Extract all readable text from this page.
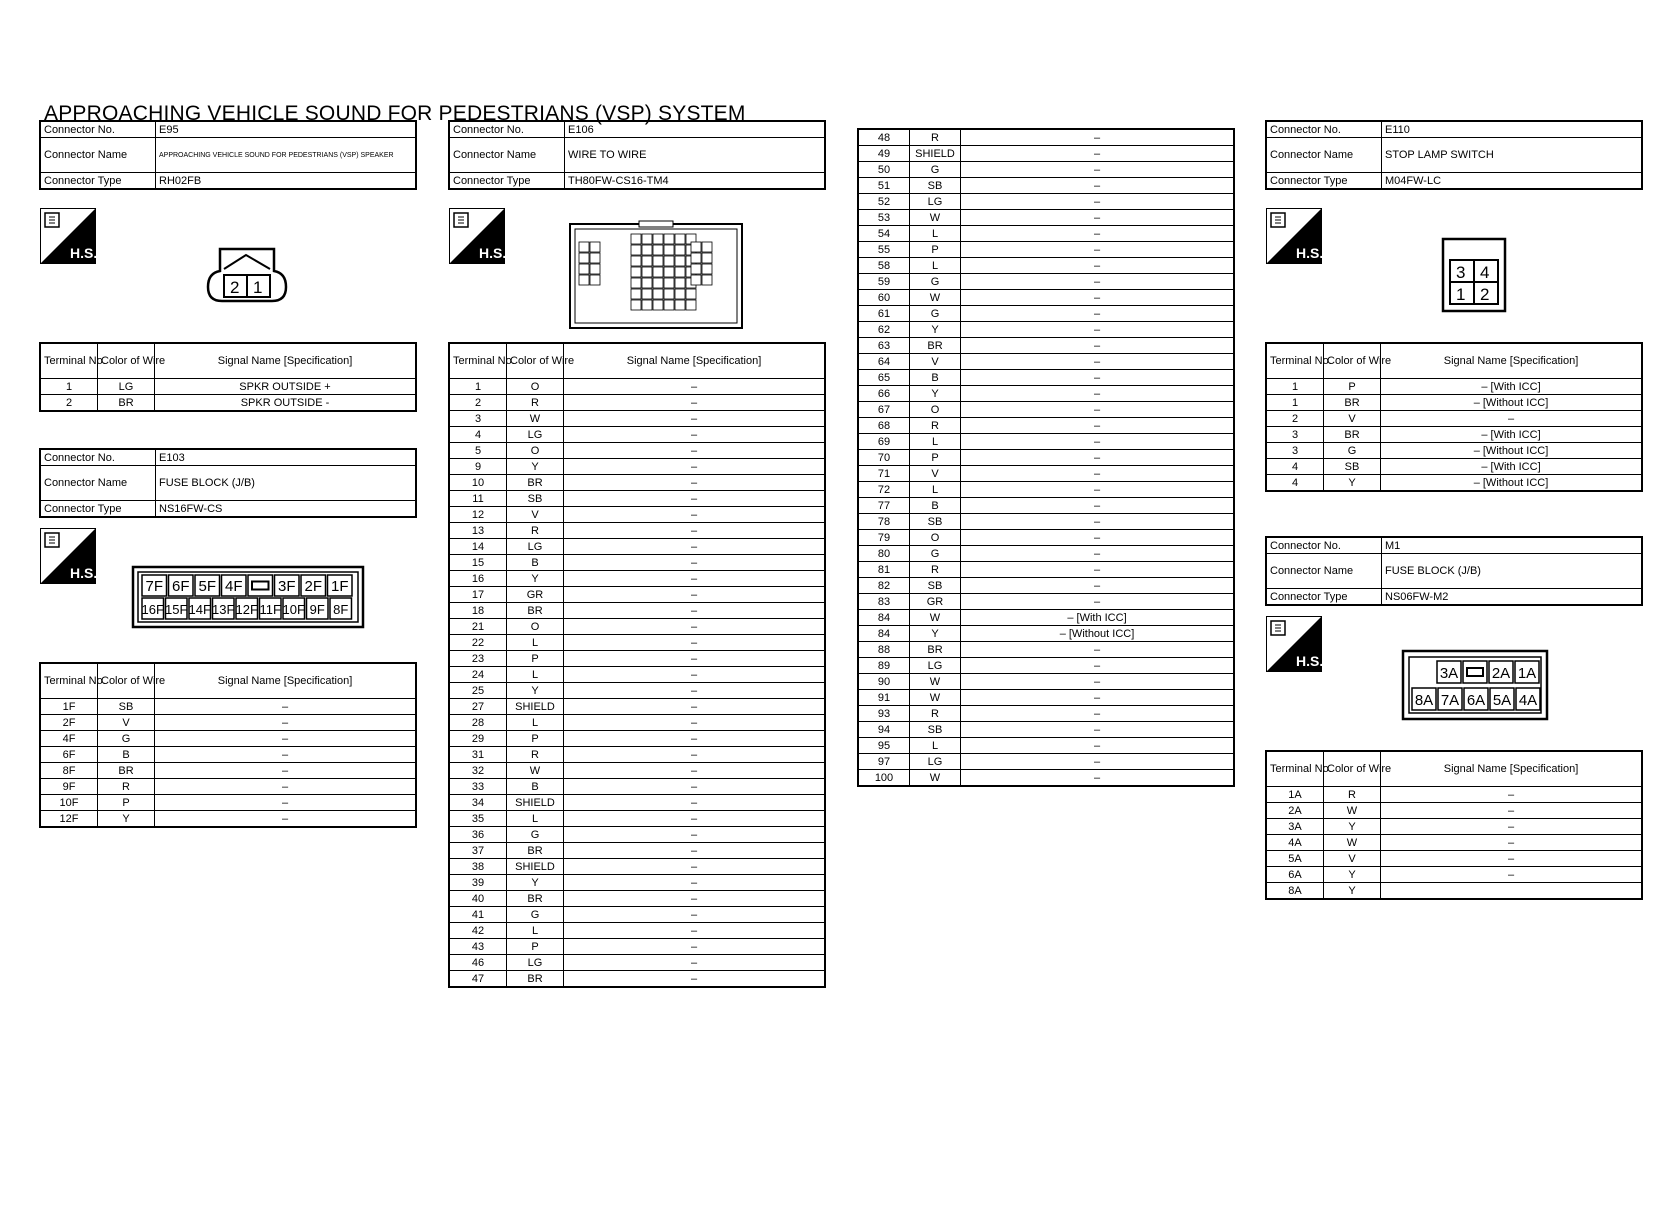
APPROACHING VEHICLE SOUND FOR PEDESTRIANS (VSP) SYSTEM
Connector No.	E95
Connector Name	APPROACHING VEHICLE SOUND FOR PEDESTRIANS (VSP) SPEAKER
Connector Type	RH02FB
H.S.
2 1
Terminal No.	Color of Wire	Signal Name [Specification]
1	LG	SPKR OUTSIDE +
2	BR	SPKR OUTSIDE -
Connector No.	E103
Connector Name	FUSE BLOCK (J/B)
Connector Type	NS16FW-CS
H.S.
7F 6F 5F 4F 3F 2F 1F
16F 15F 14F 13F 12F 11F 10F 9F 8F
Terminal No.	Color of Wire	Signal Name [Specification]
1F	SB	–
2F	V	–
4F	G	–
6F	B	–
8F	BR	–
9F	R	–
10F	P	–
12F	Y	–
Connector No.	E106
Connector Name	WIRE TO WIRE
Connector Type	TH80FW-CS16-TM4
H.S.
Terminal No.	Color of Wire	Signal Name [Specification]
1	O	–
2	R	–
3	W	–
4	LG	–
5	O	–
9	Y	–
10	BR	–
11	SB	–
12	V	–
13	R	–
14	LG	–
15	B	–
16	Y	–
17	GR	–
18	BR	–
21	O	–
22	L	–
23	P	–
24	L	–
25	Y	–
27	SHIELD	–
28	L	–
29	P	–
31	R	–
32	W	–
33	B	–
34	SHIELD	–
35	L	–
36	G	–
37	BR	–
38	SHIELD	–
39	Y	–
40	BR	–
41	G	–
42	L	–
43	P	–
46	LG	–
47	BR	–
48	R	–
49	SHIELD	–
50	G	–
51	SB	–
52	LG	–
53	W	–
54	L	–
55	P	–
58	L	–
59	G	–
60	W	–
61	G	–
62	Y	–
63	BR	–
64	V	–
65	B	–
66	Y	–
67	O	–
68	R	–
69	L	–
70	P	–
71	V	–
72	L	–
77	B	–
78	SB	–
79	O	–
80	G	–
81	R	–
82	SB	–
83	GR	–
84	W	– [With ICC]
84	Y	– [Without ICC]
88	BR	–
89	LG	–
90	W	–
91	W	–
93	R	–
94	SB	–
95	L	–
97	LG	–
100	W	–
Connector No.	E110
Connector Name	STOP LAMP SWITCH
Connector Type	M04FW-LC
H.S.
3 4
1 2
Terminal No.	Color of Wire	Signal Name [Specification]
1	P	– [With ICC]
1	BR	– [Without ICC]
2	V	–
3	BR	– [With ICC]
3	G	– [Without ICC]
4	SB	– [With ICC]
4	Y	– [Without ICC]
Connector No.	M1
Connector Name	FUSE BLOCK (J/B)
Connector Type	NS06FW-M2
H.S.
3A 2A 1A
8A 7A 6A 5A 4A
Terminal No.	Color of Wire	Signal Name [Specification]
1A	R	–
2A	W	–
3A	Y	–
4A	W	–
5A	V	–
6A	Y	–
8A	Y	
